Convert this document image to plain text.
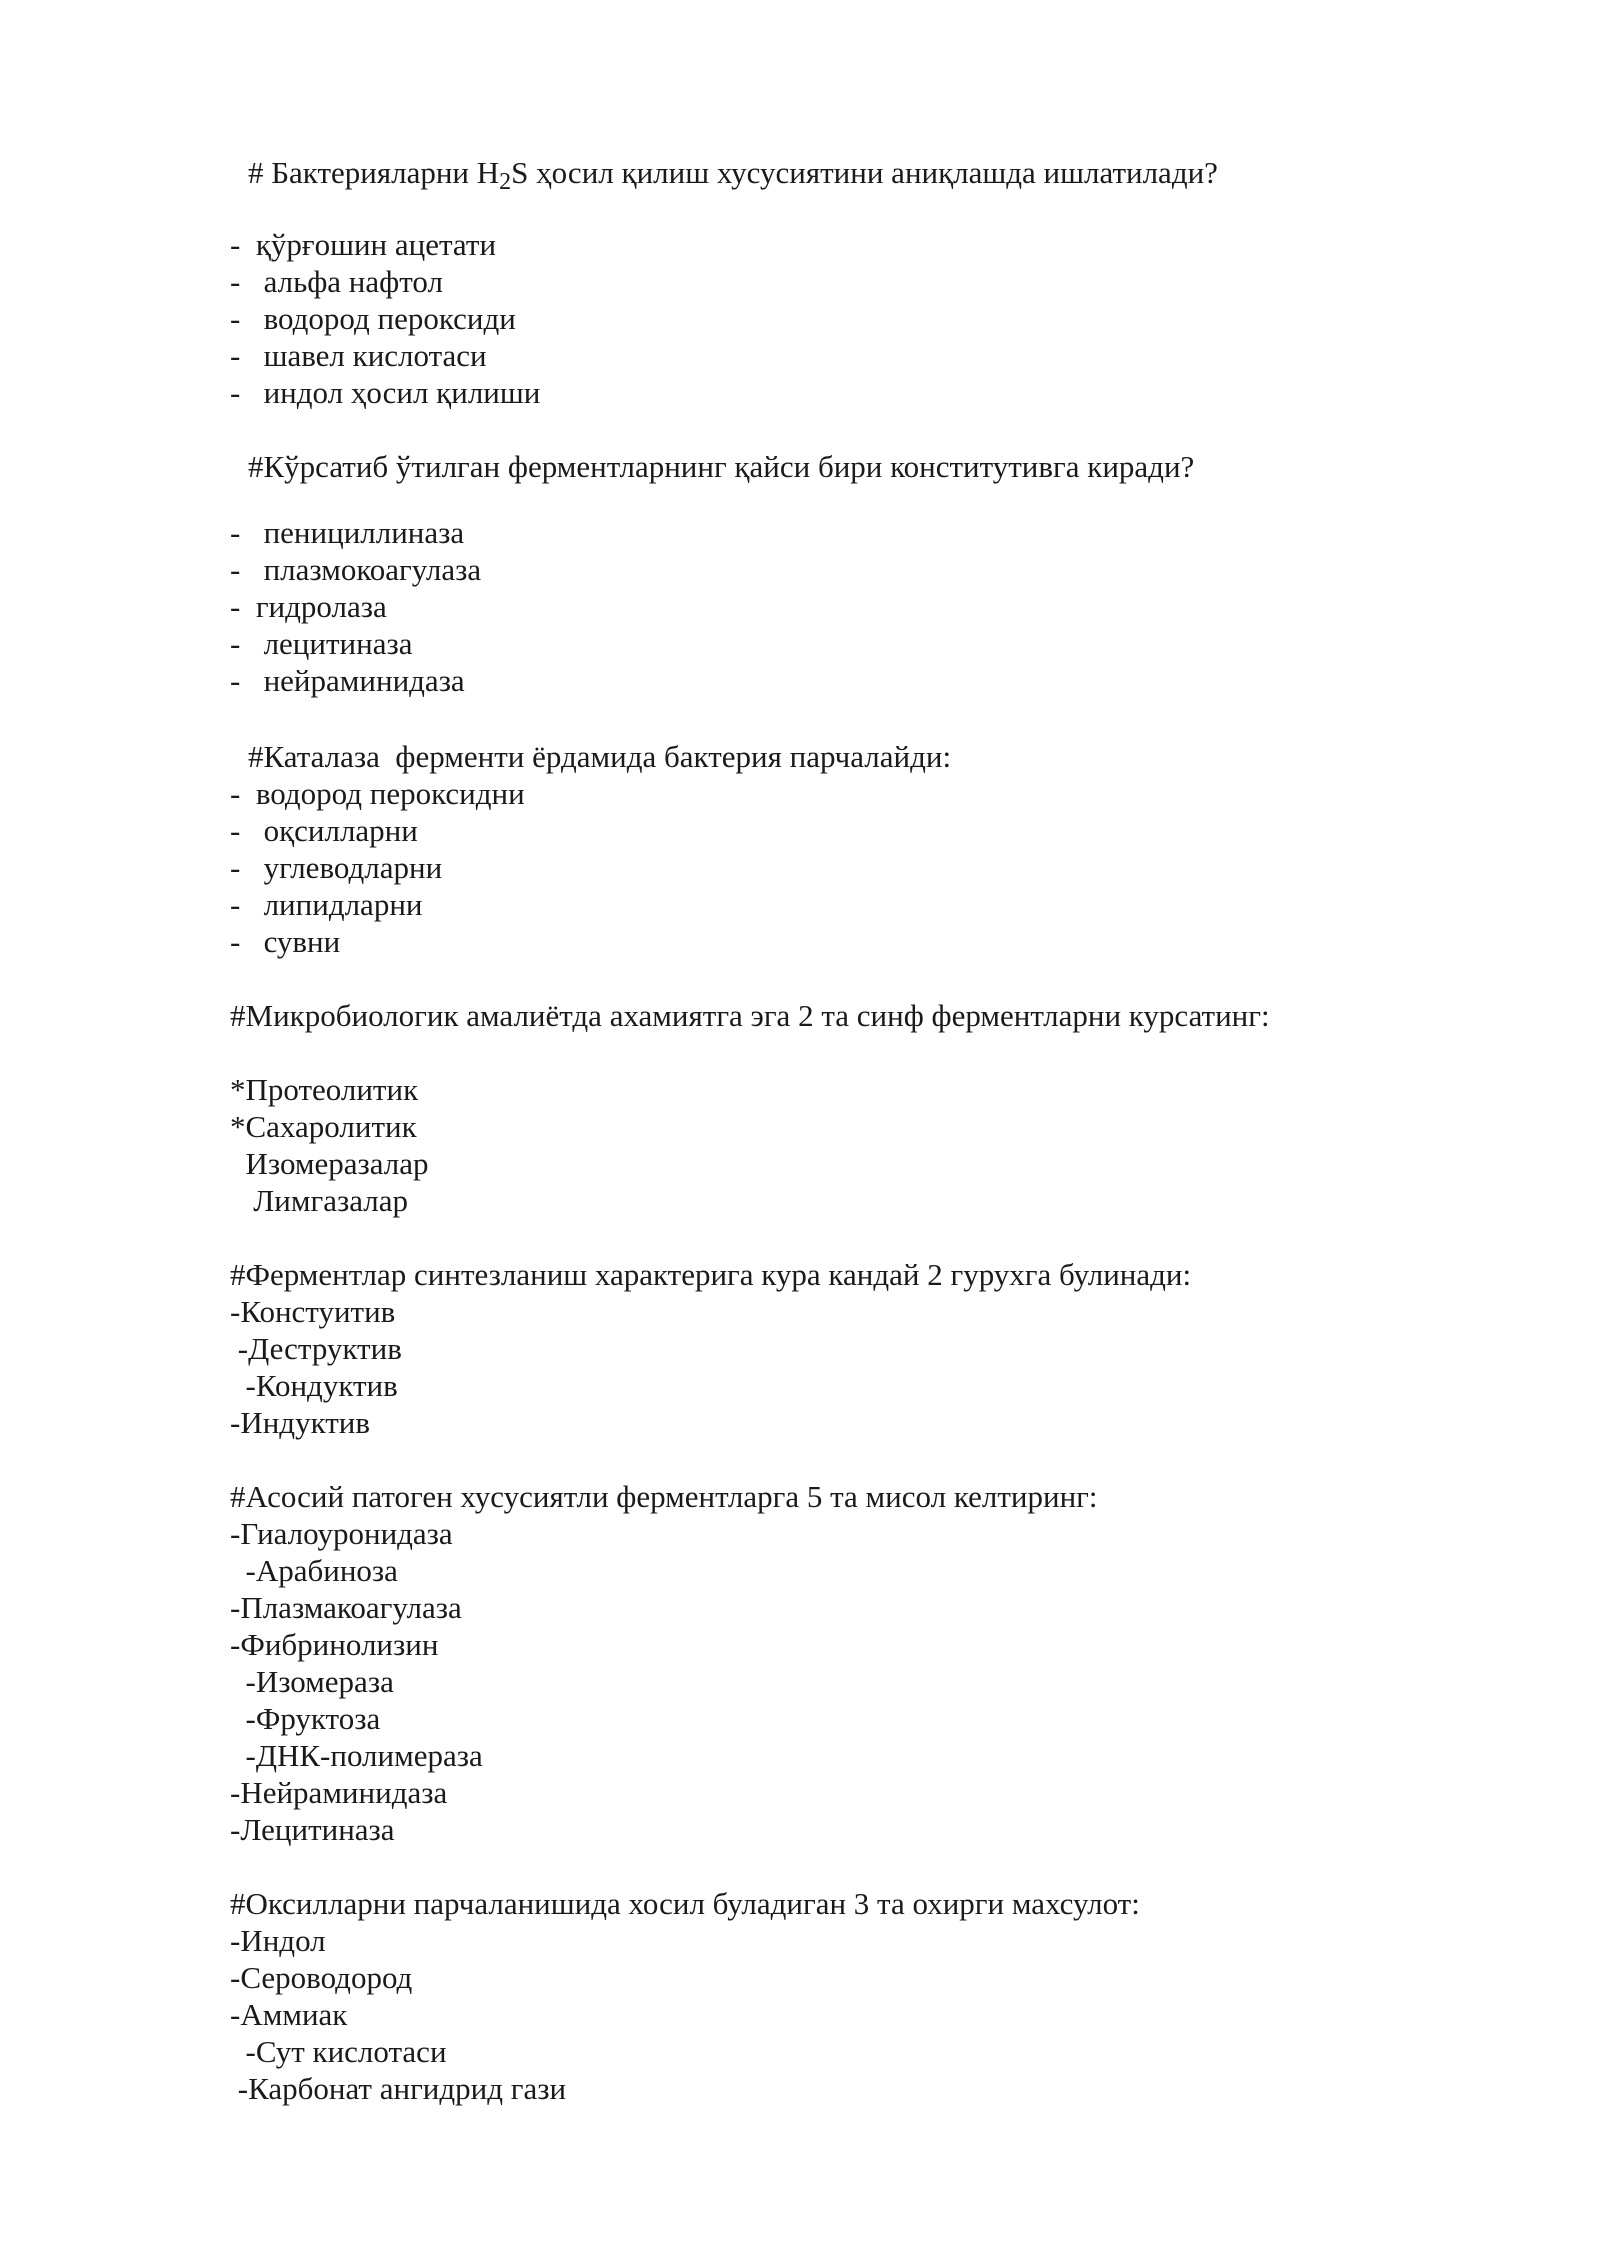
# Бактерияларни $H_2S$ ҳосил қилиш хусусиятини аниқлашда ишлатилади?
-  қўрғошин ацетати
-   альфа нафтол
-   водород пероксиди
-   шавел кислотаси
-   индол ҳосил қилиши
#Кўрсатиб ўтилган ферментларнинг қайси бири конститутивга киради?
-   пенициллиназа
-   плазмокоагулаза
-  гидролаза
-   лецитиназа
-   нейраминидаза
#Каталаза  ферменти ёрдамида бактерия парчалайди:
-  водород пероксидни
-   оқсилларни
-   углеводларни
-   липидларни
-   сувни
#Микробиологик амалиётда ахамиятга эга 2 та синф ферментларни курсатинг:
*Протеолитик
*Сахаролитик
Изомеразалар
Лимгазалар
#Ферментлар синтезланиш характерига кура кандай 2 гурухга булинади:
-Констуитив
-Деструктив
-Кондуктив
-Индуктив
#Асосий патоген хусусиятли ферментларга 5 та мисол келтиринг:
-Гиалоуронидаза
-Арабиноза
-Плазмакоагулаза
-Фибринолизин
-Изомераза
-Фруктоза
-ДНК-полимераза
-Нейраминидаза
-Лецитиназа
#Оксилларни парчаланишида хосил буладиган 3 та охирги махсулот:
-Индол
-Сероводород
-Аммиак
-Сут кислотаси
-Карбонат ангидрид гази
